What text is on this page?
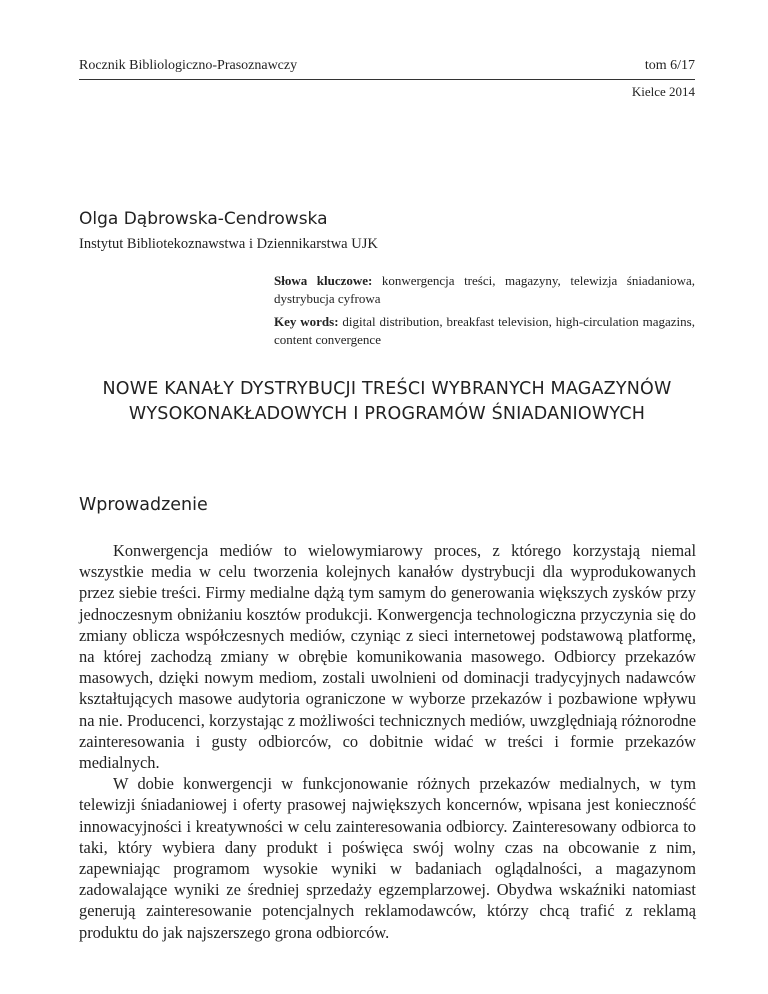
Rocznik Bibliologiczno-Prasoznawczy	tom 6/17
Kielce 2014
Olga Dąbrowska-Cendrowska
Instytut Bibliotekoznawstwa i Dziennikarstwa UJK
Słowa kluczowe: konwergencja treści, magazyny, telewizja śniadaniowa, dystrybucja cyfrowa
Key words: digital distribution, breakfast television, high-circulation magazins, content convergence
NOWE KANAŁY DYSTRYBUCJI TREŚCI WYBRANYCH MAGAZYNÓW
WYSOKONAKŁADOWYCH I PROGRAMÓW ŚNIADANIOWYCH
Wprowadzenie

Konwergencja mediów to wielowymiarowy proces, z którego korzystają niemal wszystkie media w celu tworzenia kolejnych kanałów dystrybucji dla wyprodukowanych przez siebie treści. Firmy medialne dążą tym samym do generowania większych zysków przy jednoczesnym obniżaniu kosztów produkcji. Konwergencja technologiczna przyczynia się do zmiany oblicza współczesnych mediów, czyniąc z sieci internetowej podstawową platformę, na której zachodzą zmiany w obrębie komunikowania masowego. Odbiorcy przekazów masowych, dzięki nowym mediom, zostali uwolnieni od dominacji tradycyjnych nadawców kształtujących masowe audytoria ograniczone w wyborze przekazów i pozbawione wpływu na nie. Producenci, korzystając z możliwości technicznych mediów, uwzględniają różnorodne zainteresowania i gusty odbiorców, co dobitnie widać w treści i formie przekazów medialnych.

W dobie konwergencji w funkcjonowanie różnych przekazów medialnych, w tym telewizji śniadaniowej i oferty prasowej największych koncernów, wpisana jest konieczność innowacyjności i kreatywności w celu zainteresowania odbiorcy. Zainteresowany odbiorca to taki, który wybiera dany produkt i poświęca swój wolny czas na obcowanie z nim, zapewniając programom wysokie wyniki w badaniach oglądalności, a magazynom zadowalające wyniki ze średniej sprzedaży egzemplarzowej. Obydwa wskaźniki natomiast generują zainteresowanie potencjalnych reklamodawców, którzy chcą trafić z reklamą produktu do jak najszerszego grona odbiorców.
